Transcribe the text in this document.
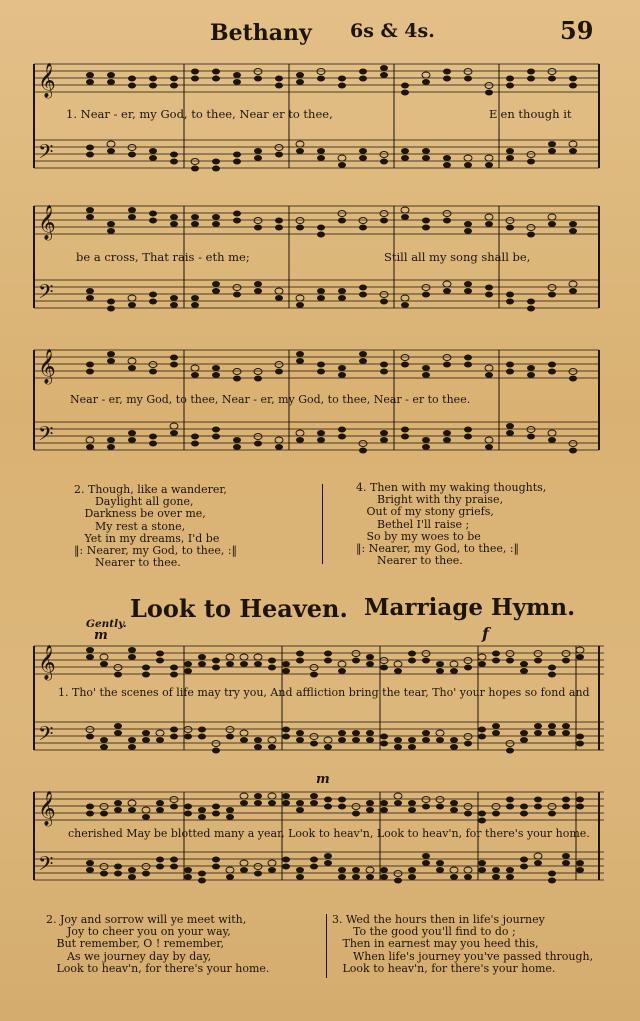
Bethany 6s & 4s.	59
𝄞
𝄢
1. Near - er, my God, to thee, Near er to thee,	E'en though it
𝄞
𝄢
be a cross, That rais - eth me;	Still all my song shall be,
𝄞
𝄢
Near - er, my God, to thee, Near - er, my God, to thee, Near - er to thee.
2. Though, like a wanderer,
Daylight all gone,
Darkness be over me,
My rest a stone,
Yet in my dreams, I'd be
‖: Nearer, my God, to thee, :‖
Nearer to thee.
4. Then with my waking thoughts,
Bright with thy praise,
Out of my stony griefs,
Bethel I'll raise ;
So by my woes to be
‖: Nearer, my God, to thee, :‖
Nearer to thee.
Look to Heaven. Marriage Hymn.
Gently.
m	f
𝄞
𝄢
1. Tho' the scenes of life may try you, And affliction bring the tear, Tho' your hopes so fond and
m
𝄞
𝄢
cherished May be blotted many a year, Look to heav'n, Look to heav'n, for there's your home.
2. Joy and sorrow will ye meet with,
Joy to cheer you on your way,
But remember, O ! remember,
As we journey day by day,
Look to heav'n, for there's your home.
3. Wed the hours then in life's journey
To the good you'll find to do ;
Then in earnest may you heed this,
When life's journey you've passed through,
Look to heav'n, for there's your home.
